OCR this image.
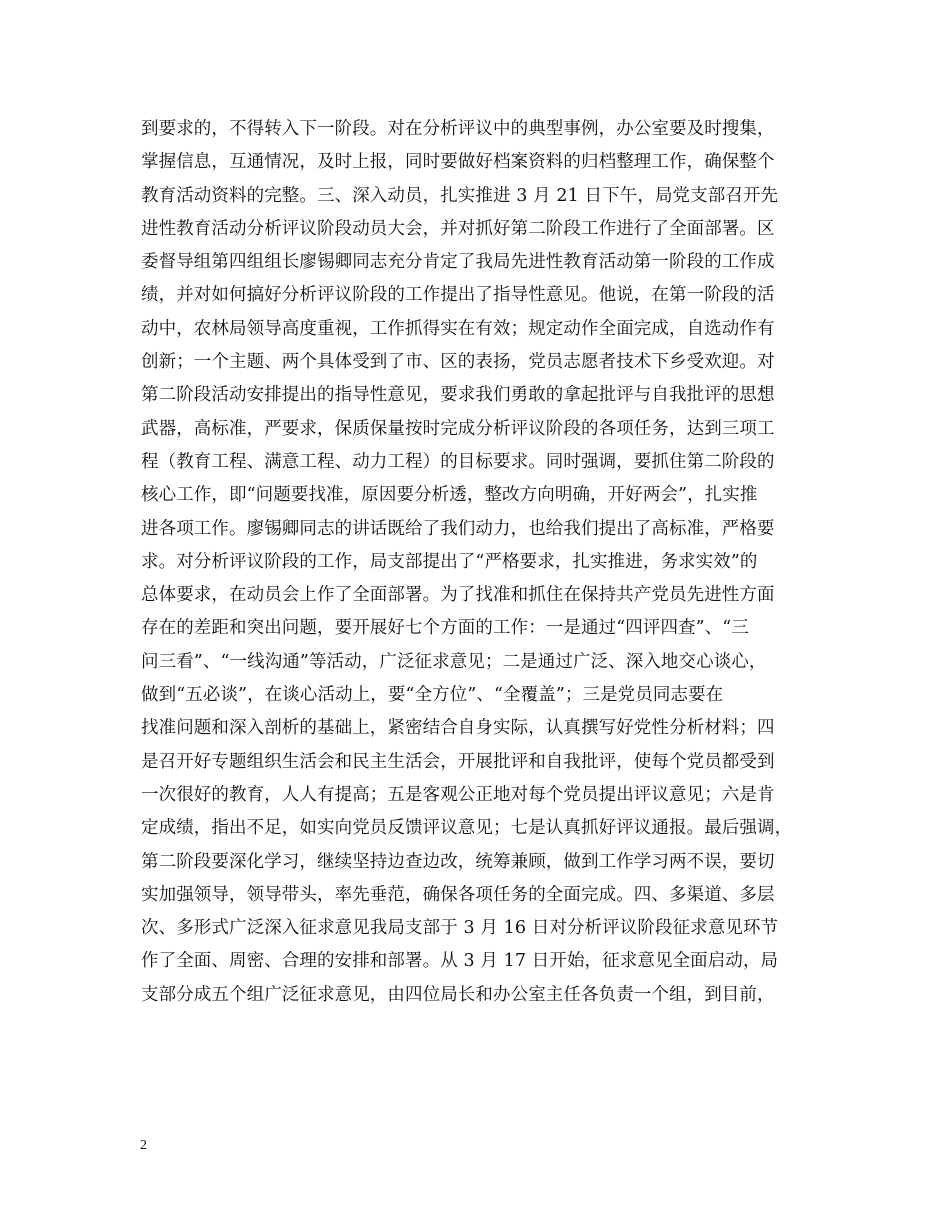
到要求的，不得转入下一阶段。对在分析评议中的典型事例，办公室要及时搜集，
掌握信息，互通情况，及时上报，同时要做好档案资料的归档整理工作，确保整个
教育活动资料的完整。三、深入动员，扎实推进 3 月 21 日下午，局党支部召开先
进性教育活动分析评议阶段动员大会，并对抓好第二阶段工作进行了全面部署。区
委督导组第四组组长廖锡卿同志充分肯定了我局先进性教育活动第一阶段的工作成
绩，并对如何搞好分析评议阶段的工作提出了指导性意见。他说，在第一阶段的活
动中，农林局领导高度重视，工作抓得实在有效；规定动作全面完成，自选动作有
创新；一个主题、两个具体受到了市、区的表扬，党员志愿者技术下乡受欢迎。对
第二阶段活动安排提出的指导性意见，要求我们勇敢的拿起批评与自我批评的思想
武器，高标准，严要求，保质保量按时完成分析评议阶段的各项任务，达到三项工
程（教育工程、满意工程、动力工程）的目标要求。同时强调，要抓住第二阶段的
核心工作，即“问题要找准，原因要分析透，整改方向明确，开好两会”，扎实推
进各项工作。廖锡卿同志的讲话既给了我们动力，也给我们提出了高标准，严格要
求。对分析评议阶段的工作，局支部提出了“严格要求，扎实推进，务求实效”的
总体要求，在动员会上作了全面部署。为了找准和抓住在保持共产党员先进性方面
存在的差距和突出问题，要开展好七个方面的工作：一是通过“四评四查”、“三
问三看”、“一线沟通”等活动，广泛征求意见；二是通过广泛、深入地交心谈心，
做到“五必谈”，在谈心活动上，要“全方位”、“全覆盖”；三是党员同志要在
找准问题和深入剖析的基础上，紧密结合自身实际，认真撰写好党性分析材料；四
是召开好专题组织生活会和民主生活会，开展批评和自我批评，使每个党员都受到
一次很好的教育，人人有提高；五是客观公正地对每个党员提出评议意见；六是肯
定成绩，指出不足，如实向党员反馈评议意见；七是认真抓好评议通报。最后强调，
第二阶段要深化学习，继续坚持边查边改，统筹兼顾，做到工作学习两不误，要切
实加强领导，领导带头，率先垂范，确保各项任务的全面完成。四、多渠道、多层
次、多形式广泛深入征求意见我局支部于 3 月 16 日对分析评议阶段征求意见环节
作了全面、周密、合理的安排和部署。从 3 月 17 日开始，征求意见全面启动，局
支部分成五个组广泛征求意见，由四位局长和办公室主任各负责一个组，到目前，
2
